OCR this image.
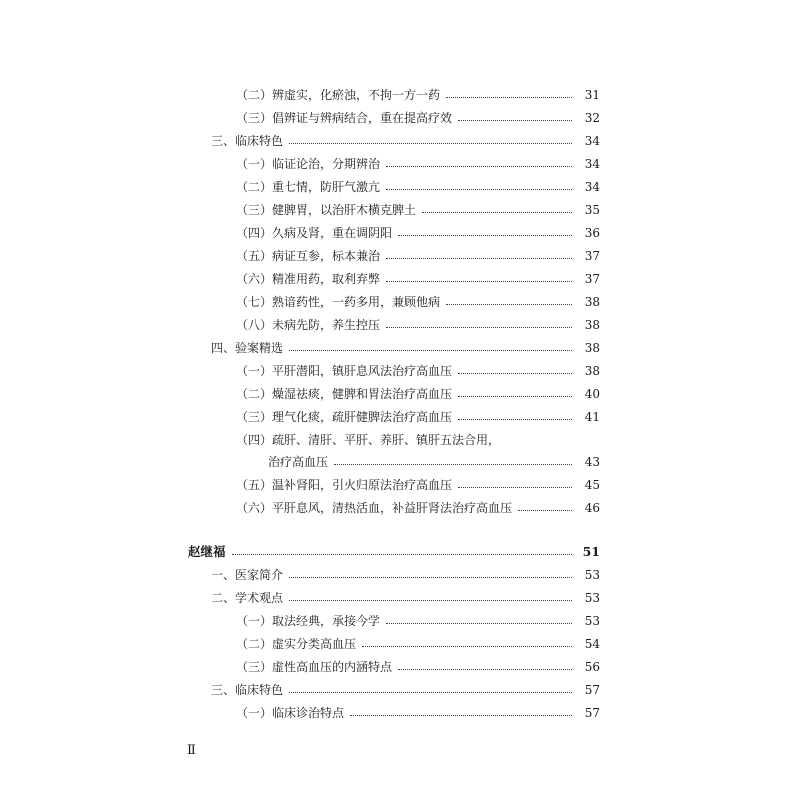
（二）辨虚实，化瘀浊，不拘一方一药	31
（三）倡辨证与辨病结合，重在提高疗效	32
三、临床特色	34
（一）临证论治，分期辨治	34
（二）重七情，防肝气激亢	34
（三）健脾胃，以治肝木横克脾土	35
（四）久病及肾，重在调阴阳	36
（五）病证互参，标本兼治	37
（六）精准用药，取利弃弊	37
（七）熟谙药性，一药多用，兼顾他病	38
（八）未病先防，养生控压	38
四、验案精选	38
（一）平肝潜阳，镇肝息风法治疗高血压	38
（二）燥湿祛痰，健脾和胃法治疗高血压	40
（三）理气化痰，疏肝健脾法治疗高血压	41
（四）疏肝、清肝、平肝、养肝、镇肝五法合用，
治疗高血压	43
（五）温补肾阳，引火归原法治疗高血压	45
（六）平肝息风，清热活血，补益肝肾法治疗高血压	46
赵继福	51
一、医家简介	53
二、学术观点	53
（一）取法经典，承接今学	53
（二）虚实分类高血压	54
（三）虚性高血压的内涵特点	56
三、临床特色	57
（一）临床诊治特点	57
Ⅱ
